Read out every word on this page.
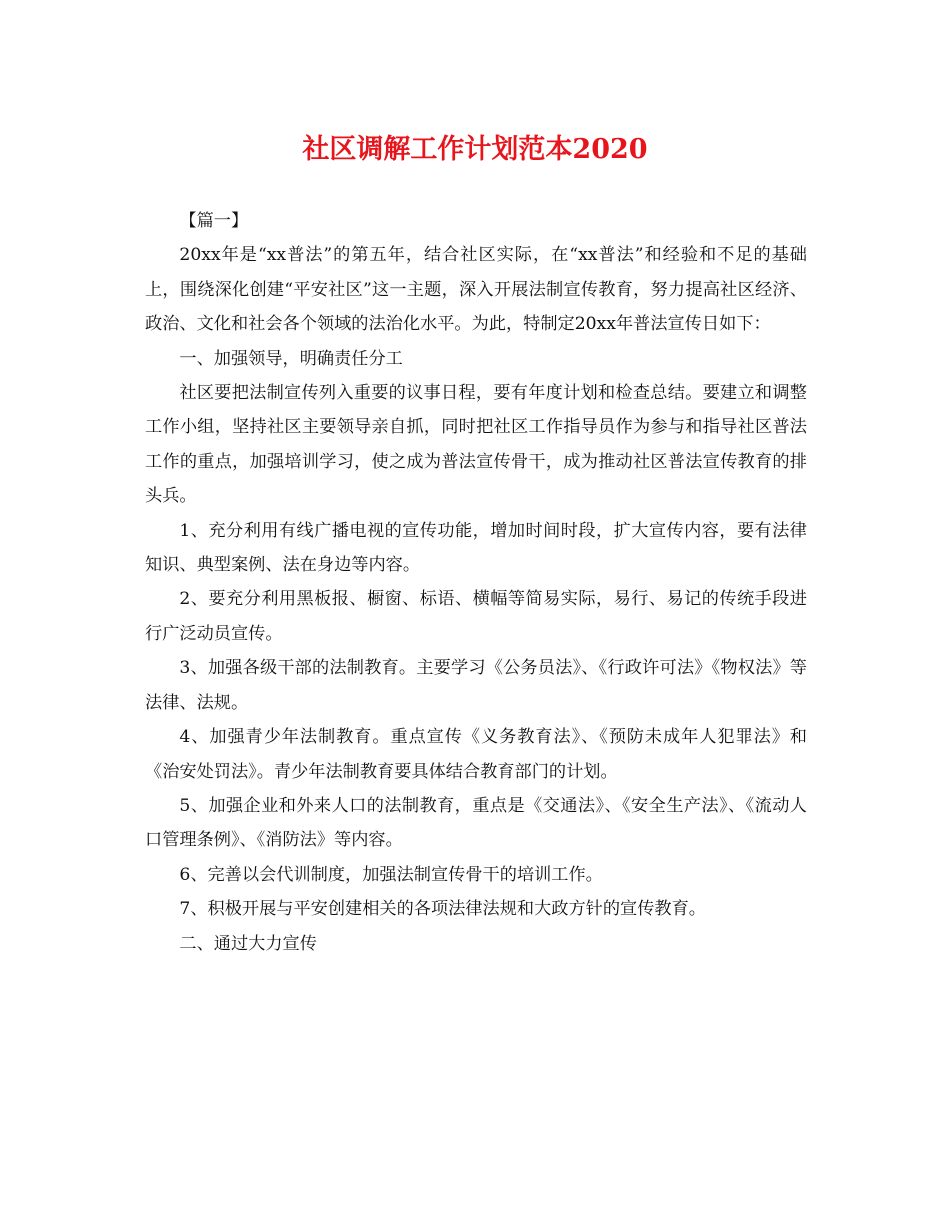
社区调解工作计划范本2020

【篇一】

20xx年是“xx普法”的第五年，结合社区实际，在“xx普法”和经验和不足的基础上，围绕深化创建“平安社区”这一主题，深入开展法制宣传教育，努力提高社区经济、政治、文化和社会各个领域的法治化水平。为此，特制定20xx年普法宣传日如下：

一、加强领导，明确责任分工

社区要把法制宣传列入重要的议事日程，要有年度计划和检查总结。要建立和调整工作小组，坚持社区主要领导亲自抓，同时把社区工作指导员作为参与和指导社区普法工作的重点，加强培训学习，使之成为普法宣传骨干，成为推动社区普法宣传教育的排头兵。

1、充分利用有线广播电视的宣传功能，增加时间时段，扩大宣传内容，要有法律知识、典型案例、法在身边等内容。

2、要充分利用黑板报、橱窗、标语、横幅等简易实际，易行、易记的传统手段进行广泛动员宣传。

3、加强各级干部的法制教育。主要学习《公务员法》、《行政许可法》《物权法》等法律、法规。

4、加强青少年法制教育。重点宣传《义务教育法》、《预防未成年人犯罪法》和《治安处罚法》。青少年法制教育要具体结合教育部门的计划。

5、加强企业和外来人口的法制教育，重点是《交通法》、《安全生产法》、《流动人口管理条例》、《消防法》等内容。

6、完善以会代训制度，加强法制宣传骨干的培训工作。

7、积极开展与平安创建相关的各项法律法规和大政方针的宣传教育。

二、通过大力宣传
